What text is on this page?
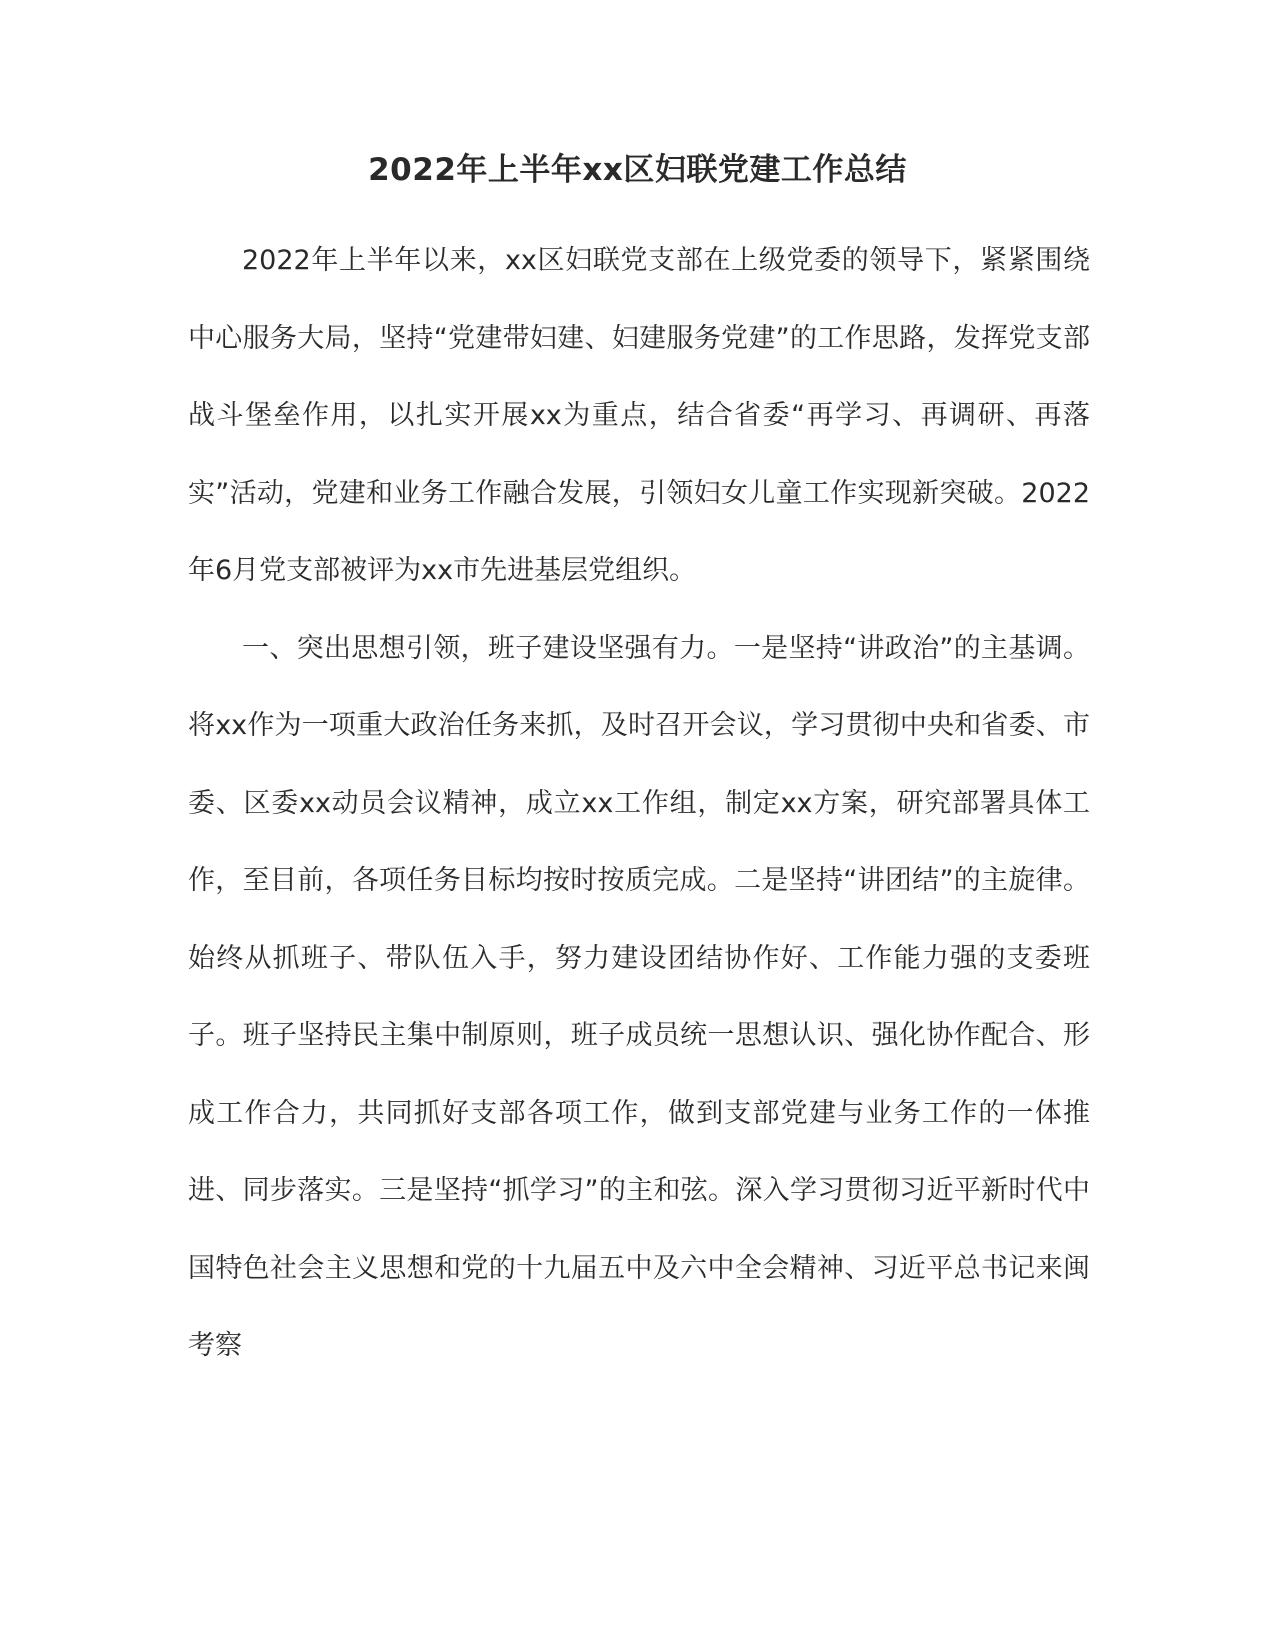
2022年上半年xx区妇联党建工作总结

2022年上半年以来，xx区妇联党支部在上级党委的领导下，紧紧围绕中心服务大局，坚持“党建带妇建、妇建服务党建”的工作思路，发挥党支部战斗堡垒作用，以扎实开展xx为重点，结合省委“再学习、再调研、再落实”活动，党建和业务工作融合发展，引领妇女儿童工作实现新突破。2022年6月党支部被评为xx市先进基层党组织。

一、突出思想引领，班子建设坚强有力。一是坚持“讲政治”的主基调。将xx作为一项重大政治任务来抓，及时召开会议，学习贯彻中央和省委、市委、区委xx动员会议精神，成立xx工作组，制定xx方案，研究部署具体工作，至目前，各项任务目标均按时按质完成。二是坚持“讲团结”的主旋律。始终从抓班子、带队伍入手，努力建设团结协作好、工作能力强的支委班子。班子坚持民主集中制原则，班子成员统一思想认识、强化协作配合、形成工作合力，共同抓好支部各项工作，做到支部党建与业务工作的一体推进、同步落实。三是坚持“抓学习”的主和弦。深入学习贯彻习近平新时代中国特色社会主义思想和党的十九届五中及六中全会精神、习近平总书记来闽考察
